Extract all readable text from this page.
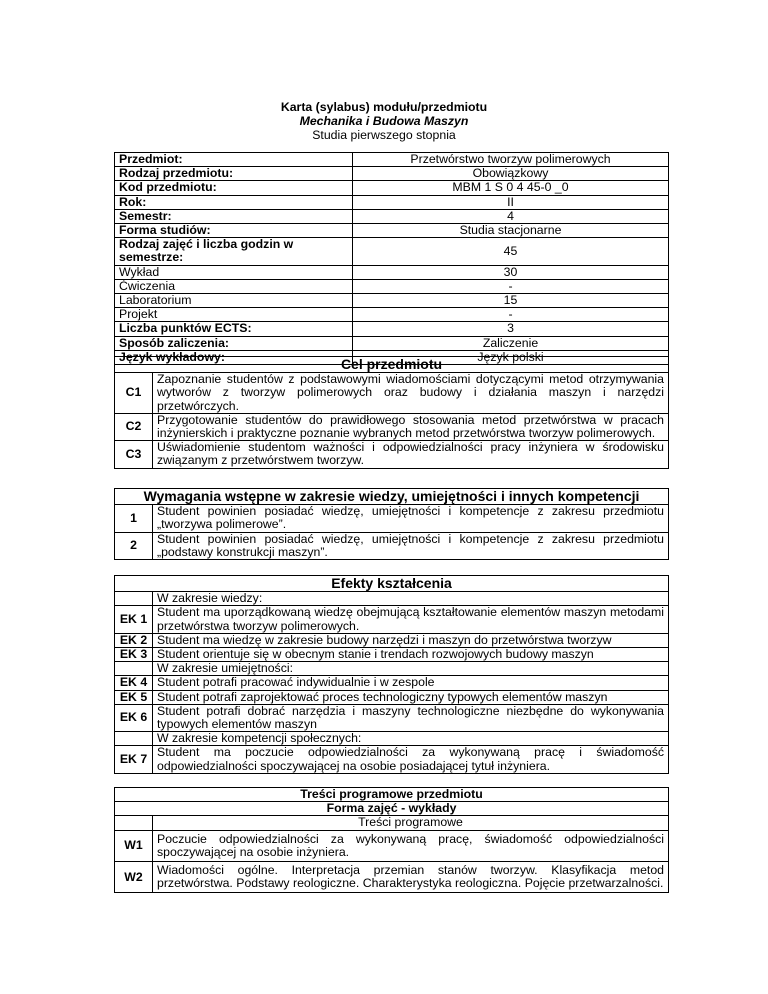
Karta (sylabus) modułu/przedmiotu
Mechanika i Budowa Maszyn
Studia pierwszego stopnia
Przedmiot:	Przetwórstwo tworzyw polimerowych
Rodzaj przedmiotu:	Obowiązkowy
Kod przedmiotu:	MBM 1 S 0 4 45-0 _0
Rok:	II
Semestr:	4
Forma studiów:	Studia stacjonarne
Rodzaj zajęć i liczba godzin w semestrze:	45
Wykład	30
Ćwiczenia	-
Laboratorium	15
Projekt	-
Liczba punktów ECTS:	3
Sposób zaliczenia:	Zaliczenie
Język wykładowy:	Język polski
Cel przedmiotu	
C1	Zapoznanie studentów z podstawowymi wiadomościami dotyczącymi metod otrzymywania wytworów z tworzyw polimerowych oraz budowy i działania maszyn i narzędzi przetwórczych.
C2	Przygotowanie studentów do prawidłowego stosowania metod przetwórstwa w pracach inżynierskich i praktyczne poznanie wybranych metod przetwórstwa tworzyw polimerowych.
C3	Uświadomienie studentom ważności i odpowiedzialności pracy inżyniera w środowisku związanym z przetwórstwem tworzyw.
Wymagania wstępne w zakresie wiedzy, umiejętności i innych kompetencji	
1	Student powinien posiadać wiedzę, umiejętności i kompetencje z zakresu przedmiotu „tworzywa polimerowe”.
2	Student powinien posiadać wiedzę, umiejętności i kompetencje z zakresu przedmiotu „podstawy konstrukcji maszyn”.
Efekty kształcenia	
	W zakresie wiedzy:
EK 1	Student ma uporządkowaną wiedzę obejmującą kształtowanie elementów maszyn metodami przetwórstwa tworzyw polimerowych.
EK 2	Student ma wiedzę w zakresie budowy narzędzi i maszyn do przetwórstwa tworzyw
EK 3	Student orientuje się w obecnym stanie i trendach rozwojowych budowy maszyn
	W zakresie umiejętności:
EK 4	Student potrafi pracować indywidualnie i w zespole
EK 5	Student potrafi zaprojektować proces technologiczny typowych elementów maszyn
EK 6	Student potrafi dobrać narzędzia i maszyny technologiczne niezbędne do wykonywania typowych elementów maszyn
	W zakresie kompetencji społecznych:
EK 7	Student ma poczucie odpowiedzialności za wykonywaną pracę i świadomość odpowiedzialności spoczywającej na osobie posiadającej tytuł inżyniera.
Treści programowe przedmiotu	
Forma zajęć - wykłady	
	Treści programowe
W1	Poczucie odpowiedzialności za wykonywaną pracę, świadomość odpowiedzialności spoczywającej na osobie inżyniera.
W2	Wiadomości ogólne. Interpretacja przemian stanów tworzyw. Klasyfikacja metod przetwórstwa. Podstawy reologiczne. Charakterystyka reologiczna. Pojęcie przetwarzalności.
